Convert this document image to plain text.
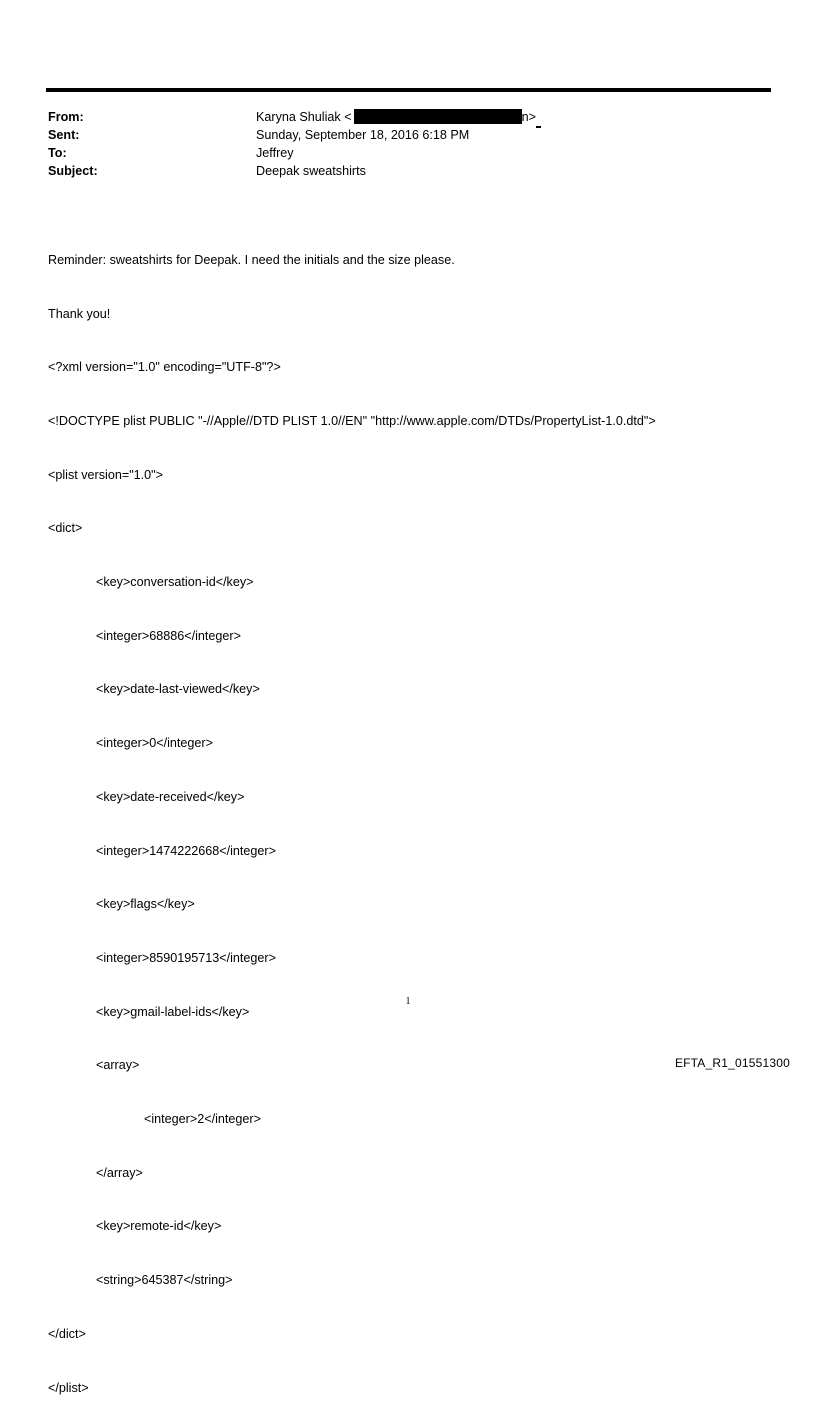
From:	Karyna Shuliak <	n>
Sent:	Sunday, September 18, 2016 6:18 PM
To:	Jeffrey
Subject:	Deepak sweatshirts

Reminder: sweatshirts for Deepak. I need the initials and the size please.

Thank you!

<?xml version="1.0" encoding="UTF-8"?>

<!DOCTYPE plist PUBLIC "-//Apple//DTD PLIST 1.0//EN" "http://www.apple.com/DTDs/PropertyList-1.0.dtd">

<plist version="1.0">

<dict>

<key>conversation-id</key>

<integer>68886</integer>

<key>date-last-viewed</key>

<integer>0</integer>

<key>date-received</key>

<integer>1474222668</integer>

<key>flags</key>

<integer>8590195713</integer>

<key>gmail-label-ids</key>

<array>

<integer>2</integer>

</array>

<key>remote-id</key>

<string>645387</string>

</dict>

</plist>

1
EFTA_R1_01551300
